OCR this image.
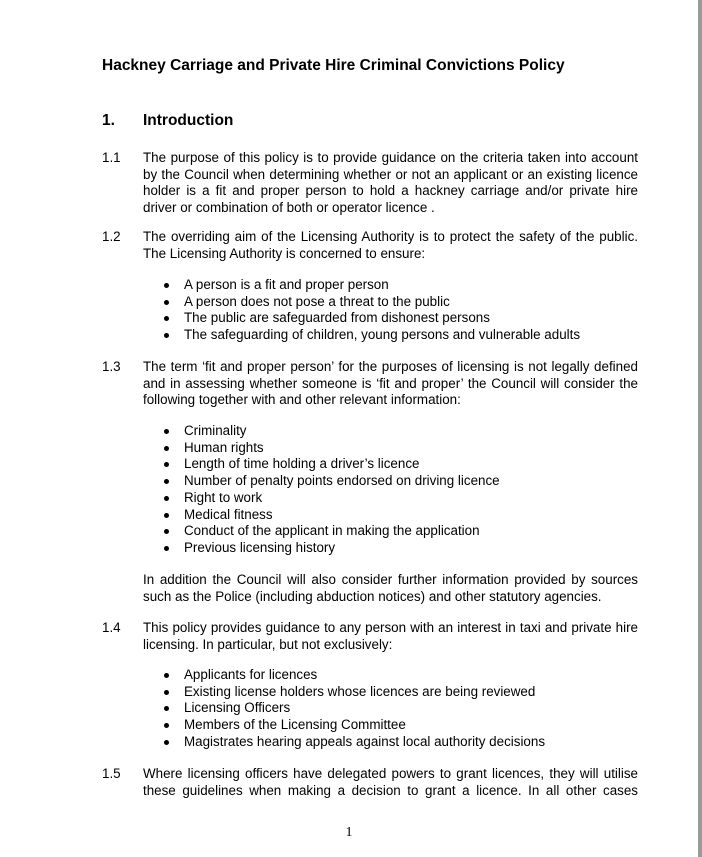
Hackney Carriage and Private Hire Criminal Convictions Policy
1. Introduction
1.1 The purpose of this policy is to provide guidance on the criteria taken into account by the Council when determining whether or not an applicant or an existing licence holder is a fit and proper person to hold a hackney carriage and/or private hire driver or combination of both or operator licence .
1.2 The overriding aim of the Licensing Authority is to protect the safety of the public. The Licensing Authority is concerned to ensure:
A person is a fit and proper person
A person does not pose a threat to the public
The public are safeguarded from dishonest persons
The safeguarding of children, young persons and vulnerable adults
1.3 The term ‘fit and proper person’ for the purposes of licensing is not legally defined and in assessing whether someone is ‘fit and proper’ the Council will consider the following together with and other relevant information:
Criminality
Human rights
Length of time holding a driver’s licence
Number of penalty points endorsed on driving licence
Right to work
Medical fitness
Conduct of the applicant in making the application
Previous licensing history
In addition the Council will also consider further information provided by sources such as the Police (including abduction notices) and other statutory agencies.
1.4 This policy provides guidance to any person with an interest in taxi and private hire licensing. In particular, but not exclusively:
Applicants for licences
Existing license holders whose licences are being reviewed
Licensing Officers
Members of the Licensing Committee
Magistrates hearing appeals against local authority decisions
1.5 Where licensing officers have delegated powers to grant licences, they will utilise these guidelines when making a decision to grant a licence. In all other cases
1
